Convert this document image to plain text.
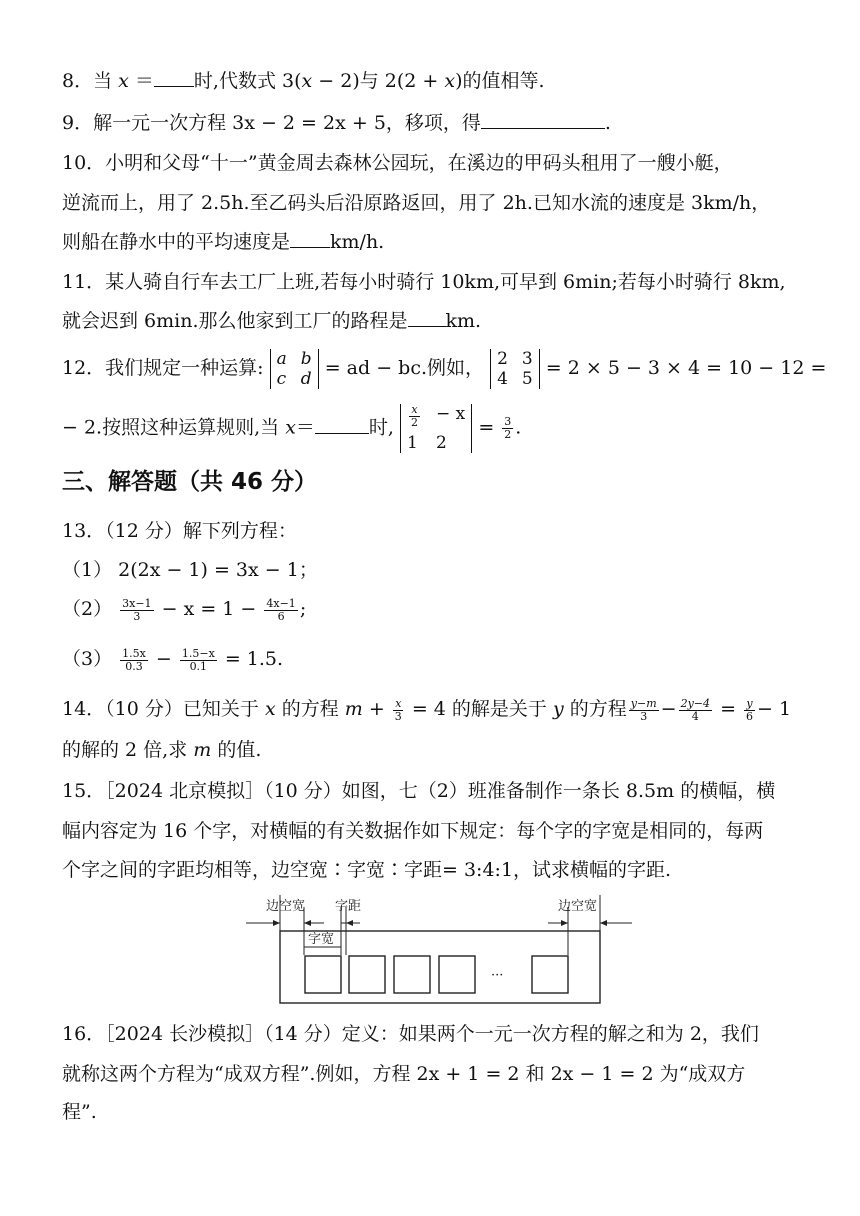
8．当 x ＝ 时,代数式 3(x − 2)与 2(2 + x)的值相等.
9．解一元一次方程 3x − 2 = 2x + 5，移项，得	.
10．小明和父母“十一”黄金周去森林公园玩，在溪边的甲码头租用了一艘小艇，
逆流而上，用了 2.5h.至乙码头后沿原路返回，用了 2h.已知水流的速度是 3km/h，
则船在静水中的平均速度是 km/h.
11．某人骑自行车去工厂上班,若每小时骑行 10km,可早到 6min;若每小时骑行 8km,
就会迟到 6min.那么他家到工厂的路程是 km.
12．我们规定一种运算: a b
c d = ad − bc.例如， 2 3
4 5 = 2 × 5 − 3 × 4 = 10 − 12 =
− 2.按照这种运算规则,当 x＝	时, $\frac{x}{2} - x$
1 2
= $\frac{3}{2}$ .
三、解答题（共 46 分）
13．（12 分）解下列方程：
（1） 2(2x − 1) = 3x − 1；
$(2) \frac{3x-1}{3} - x = 1 - \frac{4x-1}{6}$ ;
$(3) \frac{1.5x}{0.3} - \frac{1.5-x}{0.1} = 1.5$.
14．（10 分）已知关于 x 的方程 $m + \frac{x}{3} = 4$ 的解是关于 y 的方程 $\frac{y-m}{3} - \frac{2y-4}{4} = \frac{y}{6} - 1$
的解的 2 倍,求 m 的值.
15．［2024 北京模拟］（10 分）如图，七（2）班准备制作一条长 8.5m 的横幅，横
幅内容定为 16 个字，对横幅的有关数据作如下规定：每个字的字宽是相同的，每两
个字之间的字距均相等，边空宽∶字宽∶字距= 3:4:1，试求横幅的字距.
边空宽 字距
字宽
边空宽
···
16．［2024 长沙模拟］（14 分）定义：如果两个一元一次方程的解之和为 2，我们
就称这两个方程为“成双方程”.例如，方程 2x + 1 = 2 和 2x − 1 = 2 为“成双方
程”.
